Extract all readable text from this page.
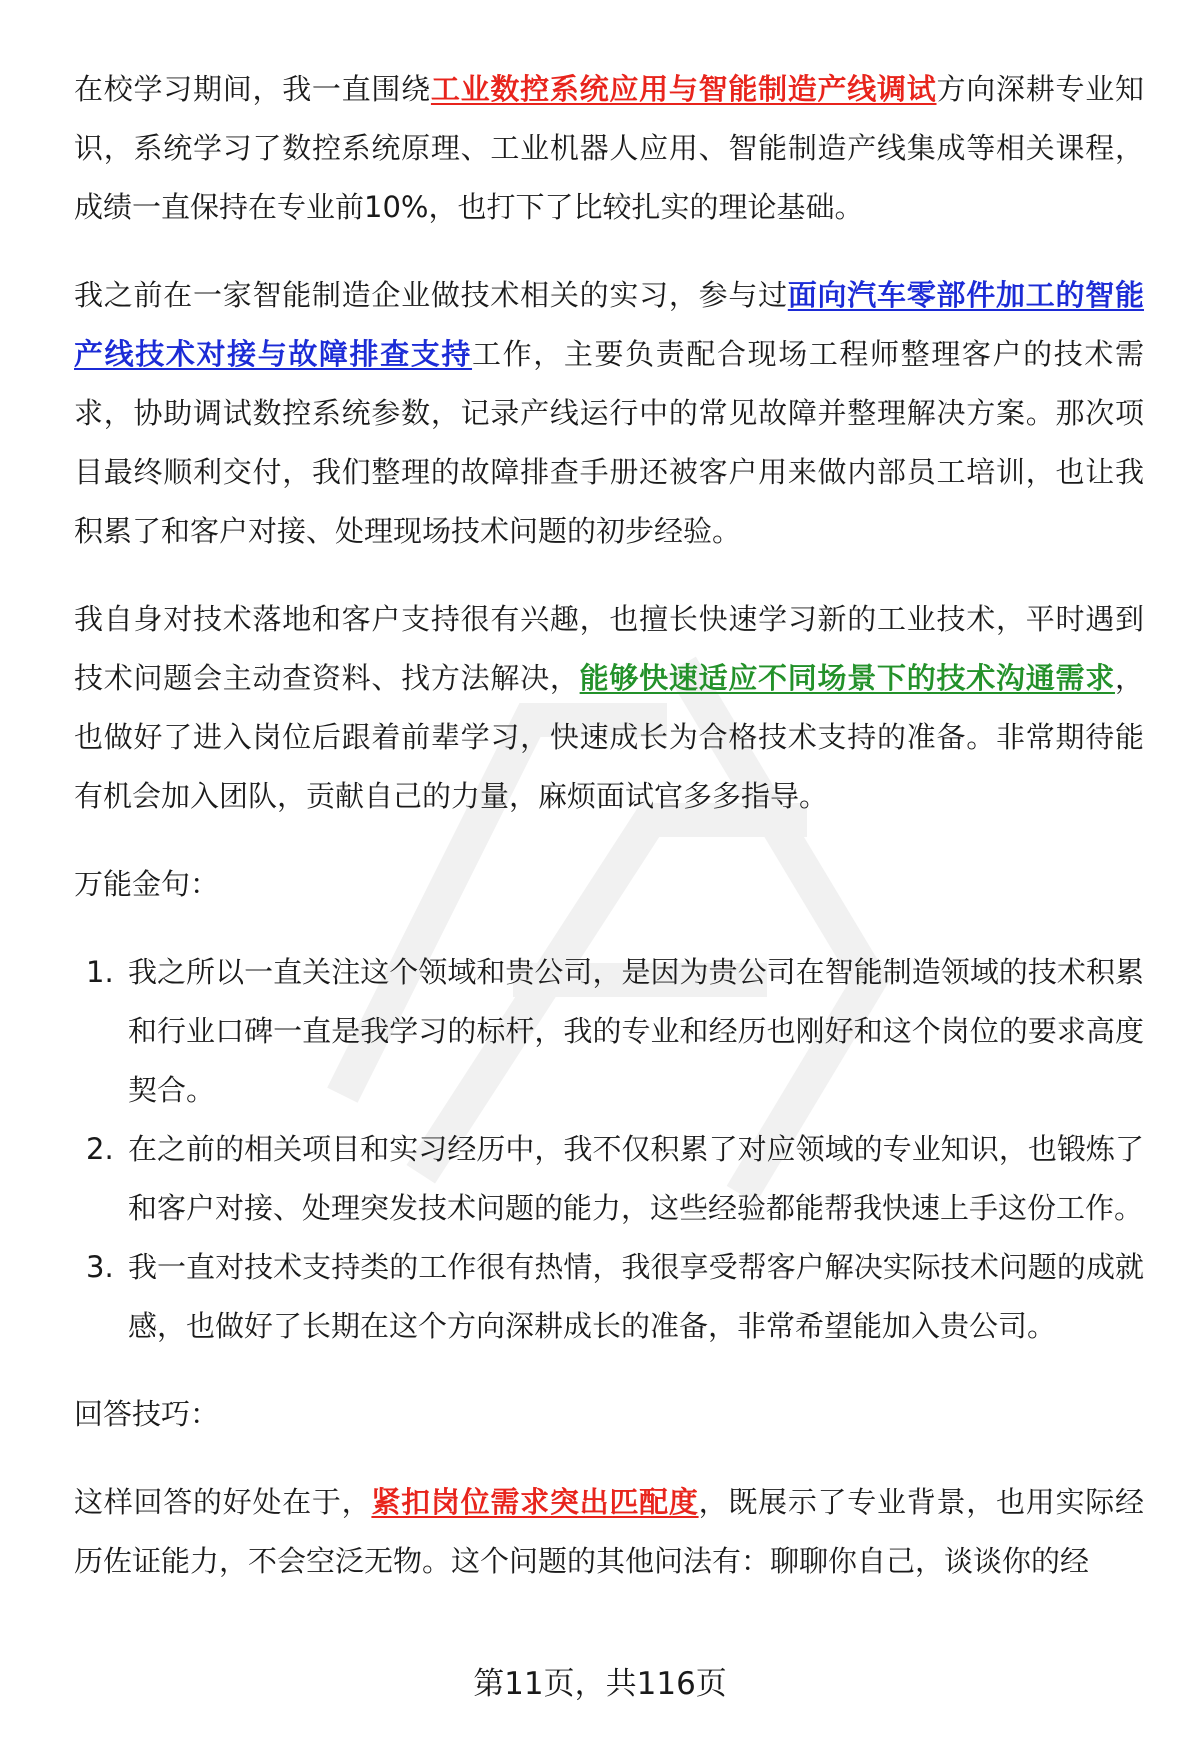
在校学习期间，我一直围绕工业数控系统应用与智能制造产线调试方向深耕专业知识，系统学习了数控系统原理、工业机器人应用、智能制造产线集成等相关课程，成绩一直保持在专业前10%，也打下了比较扎实的理论基础。

我之前在一家智能制造企业做技术相关的实习，参与过面向汽车零部件加工的智能产线技术对接与故障排查支持工作，主要负责配合现场工程师整理客户的技术需求，协助调试数控系统参数，记录产线运行中的常见故障并整理解决方案。那次项目最终顺利交付，我们整理的故障排查手册还被客户用来做内部员工培训，也让我积累了和客户对接、处理现场技术问题的初步经验。

我自身对技术落地和客户支持很有兴趣，也擅长快速学习新的工业技术，平时遇到技术问题会主动查资料、找方法解决，能够快速适应不同场景下的技术沟通需求，也做好了进入岗位后跟着前辈学习，快速成长为合格技术支持的准备。非常期待能有机会加入团队，贡献自己的力量，麻烦面试官多多指导。

万能金句：

1. 我之所以一直关注这个领域和贵公司，是因为贵公司在智能制造领域的技术积累和行业口碑一直是我学习的标杆，我的专业和经历也刚好和这个岗位的要求高度契合。
2. 在之前的相关项目和实习经历中，我不仅积累了对应领域的专业知识，也锻炼了和客户对接、处理突发技术问题的能力，这些经验都能帮我快速上手这份工作。
3. 我一直对技术支持类的工作很有热情，我很享受帮客户解决实际技术问题的成就感，也做好了长期在这个方向深耕成长的准备，非常希望能加入贵公司。

回答技巧：

这样回答的好处在于，紧扣岗位需求突出匹配度，既展示了专业背景，也用实际经历佐证能力，不会空泛无物。这个问题的其他问法有：聊聊你自己，谈谈你的经

第11页，共116页
